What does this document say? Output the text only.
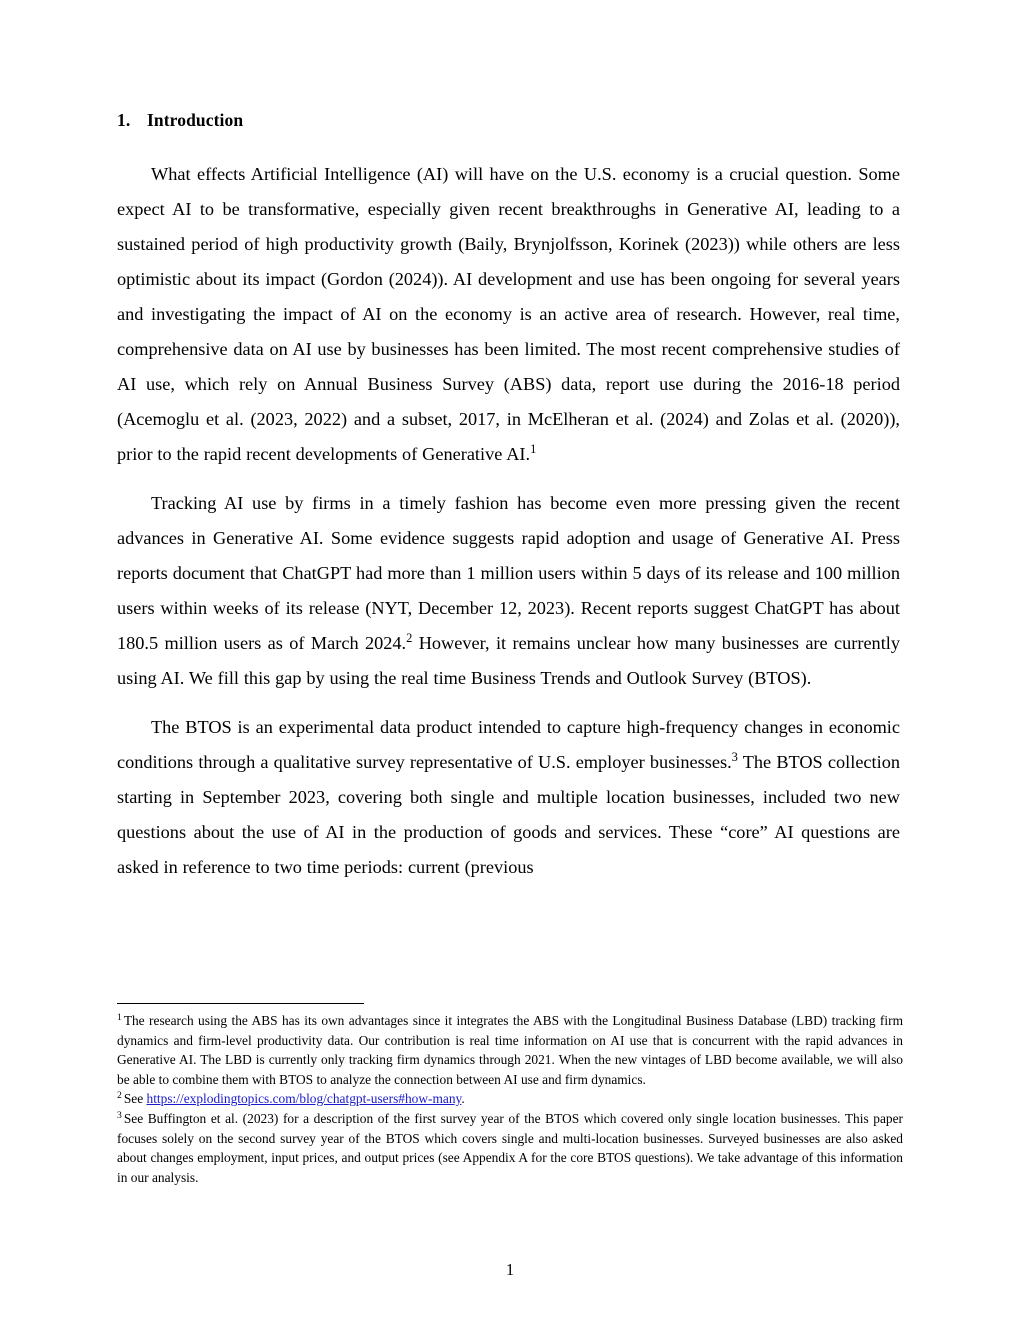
1. Introduction

What effects Artificial Intelligence (AI) will have on the U.S. economy is a crucial question. Some expect AI to be transformative, especially given recent breakthroughs in Generative AI, leading to a sustained period of high productivity growth (Baily, Brynjolfsson, Korinek (2023)) while others are less optimistic about its impact (Gordon (2024)). AI development and use has been ongoing for several years and investigating the impact of AI on the economy is an active area of research. However, real time, comprehensive data on AI use by businesses has been limited. The most recent comprehensive studies of AI use, which rely on Annual Business Survey (ABS) data, report use during the 2016-18 period (Acemoglu et al. (2023, 2022) and a subset, 2017, in McElheran et al. (2024) and Zolas et al. (2020)), prior to the rapid recent developments of Generative AI.$^1$

Tracking AI use by firms in a timely fashion has become even more pressing given the recent advances in Generative AI. Some evidence suggests rapid adoption and usage of Generative AI. Press reports document that ChatGPT had more than 1 million users within 5 days of its release and 100 million users within weeks of its release (NYT, December 12, 2023). Recent reports suggest ChatGPT has about 180.5 million users as of March 2024.$^2$ However, it remains unclear how many businesses are currently using AI. We fill this gap by using the real time Business Trends and Outlook Survey (BTOS).

The BTOS is an experimental data product intended to capture high-frequency changes in economic conditions through a qualitative survey representative of U.S. employer businesses.$^3$ The BTOS collection starting in September 2023, covering both single and multiple location businesses, included two new questions about the use of AI in the production of goods and services. These “core” AI questions are asked in reference to two time periods: current (previous

$^1$ The research using the ABS has its own advantages since it integrates the ABS with the Longitudinal Business Database (LBD) tracking firm dynamics and firm-level productivity data. Our contribution is real time information on AI use that is concurrent with the rapid advances in Generative AI. The LBD is currently only tracking firm dynamics through 2021. When the new vintages of LBD become available, we will also be able to combine them with BTOS to analyze the connection between AI use and firm dynamics.

$^2$ See https://explodingtopics.com/blog/chatgpt-users#how-many.

$^3$ See Buffington et al. (2023) for a description of the first survey year of the BTOS which covered only single location businesses. This paper focuses solely on the second survey year of the BTOS which covers single and multi-location businesses. Surveyed businesses are also asked about changes employment, input prices, and output prices (see Appendix A for the core BTOS questions). We take advantage of this information in our analysis.

1
